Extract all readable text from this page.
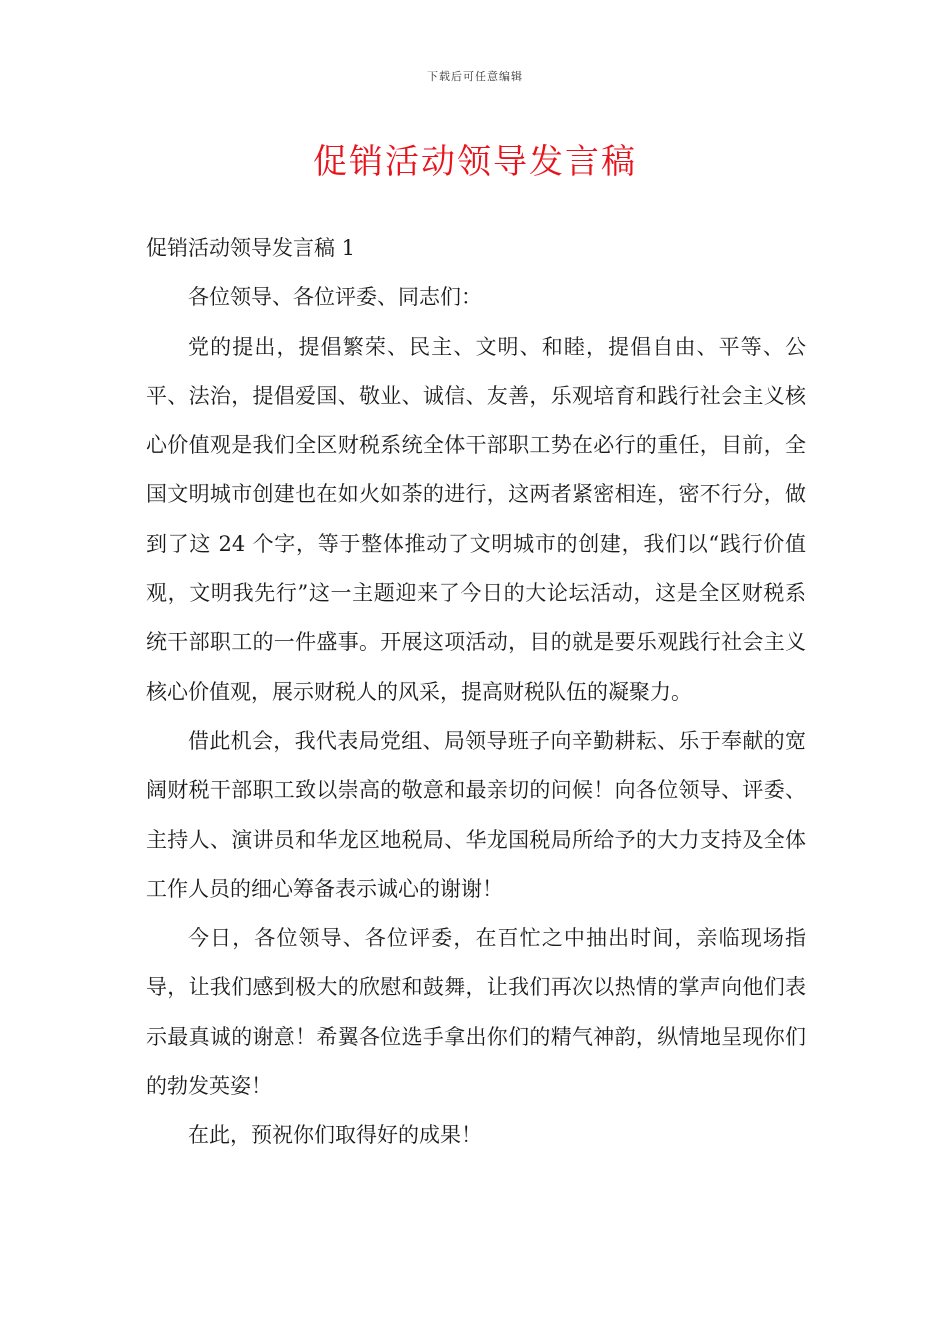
下载后可任意编辑
促销活动领导发言稿

促销活动领导发言稿 1

各位领导、各位评委、同志们：

党的提出，提倡繁荣、民主、文明、和睦，提倡自由、平等、公平、法治，提倡爱国、敬业、诚信、友善，乐观培育和践行社会主义核心价值观是我们全区财税系统全体干部职工势在必行的重任，目前，全国文明城市创建也在如火如荼的进行，这两者紧密相连，密不行分，做到了这 24 个字，等于整体推动了文明城市的创建，我们以“践行价值观，文明我先行”这一主题迎来了今日的大论坛活动，这是全区财税系统干部职工的一件盛事。开展这项活动，目的就是要乐观践行社会主义核心价值观，展示财税人的风采，提高财税队伍的凝聚力。

借此机会，我代表局党组、局领导班子向辛勤耕耘、乐于奉献的宽阔财税干部职工致以崇高的敬意和最亲切的问候！向各位领导、评委、主持人、演讲员和华龙区地税局、华龙国税局所给予的大力支持及全体工作人员的细心筹备表示诚心的谢谢！

今日，各位领导、各位评委，在百忙之中抽出时间，亲临现场指导，让我们感到极大的欣慰和鼓舞，让我们再次以热情的掌声向他们表示最真诚的谢意！希翼各位选手拿出你们的精气神韵，纵情地呈现你们的勃发英姿！

在此，预祝你们取得好的成果！
